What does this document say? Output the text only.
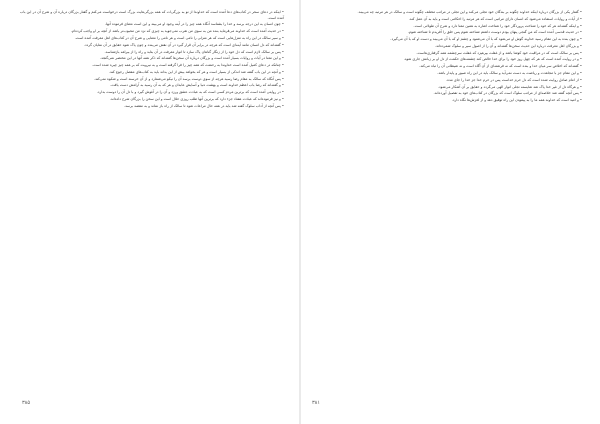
• اینکه در دعای سحر در کتاب‌های دعا آمده است که خداوندا از تو به بزرگی‌ات که همه بزرگی‌هایت بزرگ است درخواست می‌کنم و گفتار بزرگان درباره آن و شرح آن در این باب آمده است.

• چون انسان به این درجه برسد و خدا را بشناسد آنگاه همه چیز را در آینه وجود او می‌بیند و این است معنای فرموده آنها.

• در حدیث آمده است که خداوند می‌فرماید بنده من به سوی من تقرب نمی‌جوید به چیزی که نزد من محبوب‌تر باشد از آنچه بر او واجب کرده‌ام.

• و سیر سالک در این راه به منزل‌هایی است که هر منزلی را نامی است و هر نامی را معنایی و شرح آن در کتاب‌های اهل معرفت آمده است.

• گفته‌اند که دل انسان مانند آینه‌ای است که هرچه در برابر آن قرار گیرد در آن نقش می‌بندد و چون پاک شود حقایق در آن نمایان گردد.

• پس بر سالک لازم است که دل خود را از زنگار گناهان پاک سازد تا انوار معرفت در آن بتابد و راه را از بیراهه بازشناسد.

• و این معنا در آیات و روایات بسیار آمده است و بزرگان درباره آن سخن‌ها گفته‌اند که ذکر همه آنها در این مختصر نمی‌گنجد.

• چنانکه در دعای کمیل آمده است خداوندا به رحمتت که همه چیز را فرا گرفته است و به نیرویت که بر همه چیز چیره شده است.

• و آنچه در این باب گفته شد اندکی از بسیار است و هر که بخواهد بیش از این بداند باید به کتاب‌های مفصل رجوع کند.

• پس آنگاه که سالک به مقام رضا رسید هرچه از سوی دوست برسد آن را نیکو می‌شمارد و از آن خرسند است و شکوه نمی‌کند.

• و گفته‌اند که رضا باب اعظم خداوند است و بهشت دنیا و آسایش عابدان و هر که به آن رسید به آرامش دست یافت.

• در روایتی آمده است که برترین مردم کسی است که به عبادت عشق ورزد و آن را در آغوش گیرد و با دل آن را دوست بدارد.

• و نیز فرموده‌اند که عبادت هفتاد جزء دارد که برترین آنها طلب روزی حلال است و این سخن را بزرگان شرح داده‌اند.

• پس آنچه از آداب سلوک گفته شد باید در همه حال مراعات شود تا سالک از راه باز نماند و به مقصد برسد.

۳۸۵

• گفتار یکی از بزرگان درباره اینکه خداوند چگونه بر بندگان خود تجلی می‌کند و این تجلی در مراتب مختلف چگونه است و سالک در هر مرتبه چه می‌بیند.

• از آیات و روایات استفاده می‌شود که انسان دارای مراتبی است که هر مرتبه را احکامی است و باید به آن عمل کند.

• و اینکه گفته‌اند هر که خود را شناخت پروردگار خود را شناخت اشاره به همین معنا دارد و شرح آن طولانی است.

• در حدیث قدسی آمده است که من گنجی پنهان بودم دوست داشتم شناخته شوم پس خلق را آفریدم تا شناخته شوم.

• و چون بنده به این مقام رسید خداوند گوش او می‌شود که با آن می‌شنود و چشم او که با آن می‌بیند و دست او که با آن می‌گیرد.

• و بزرگان اهل معرفت درباره این حدیث سخن‌ها گفته‌اند و آن را از اصول سیر و سلوک شمرده‌اند.

• پس بر سالک است که در مراقبت خود کوشا باشد و از غفلت بپرهیزد که غفلت سرچشمه همه گرفتاری‌هاست.

• و در روایت آمده است که هر که چهل روز خود را برای خدا خالص کند چشمه‌های حکمت از دل او بر زبانش جاری شود.

• گفته‌اند که اخلاص سر میان خدا و بنده است که نه فرشته‌ای از آن آگاه است و نه شیطانی آن را تباه می‌کند.

• و این مقام جز با مجاهدت و ریاضت به دست نمی‌آید و سالک باید در این راه صبور و پایدار باشد.

• از امام صادق روایت شده است که دل حرم خداست پس در حرم خدا جز خدا را جای مده.

• و هرگاه دل از غیر خدا پاک شد شایسته تجلی انوار الهی می‌گردد و حقایق بر آن آشکار می‌شود.

• پس آنچه گفته شد خلاصه‌ای از مراتب سلوک است که بزرگان در کتاب‌های خود به تفصیل آورده‌اند.

• و امید است که خداوند همه ما را به پیمودن این راه توفیق دهد و از لغزش‌ها نگاه دارد.

۳۸۱
